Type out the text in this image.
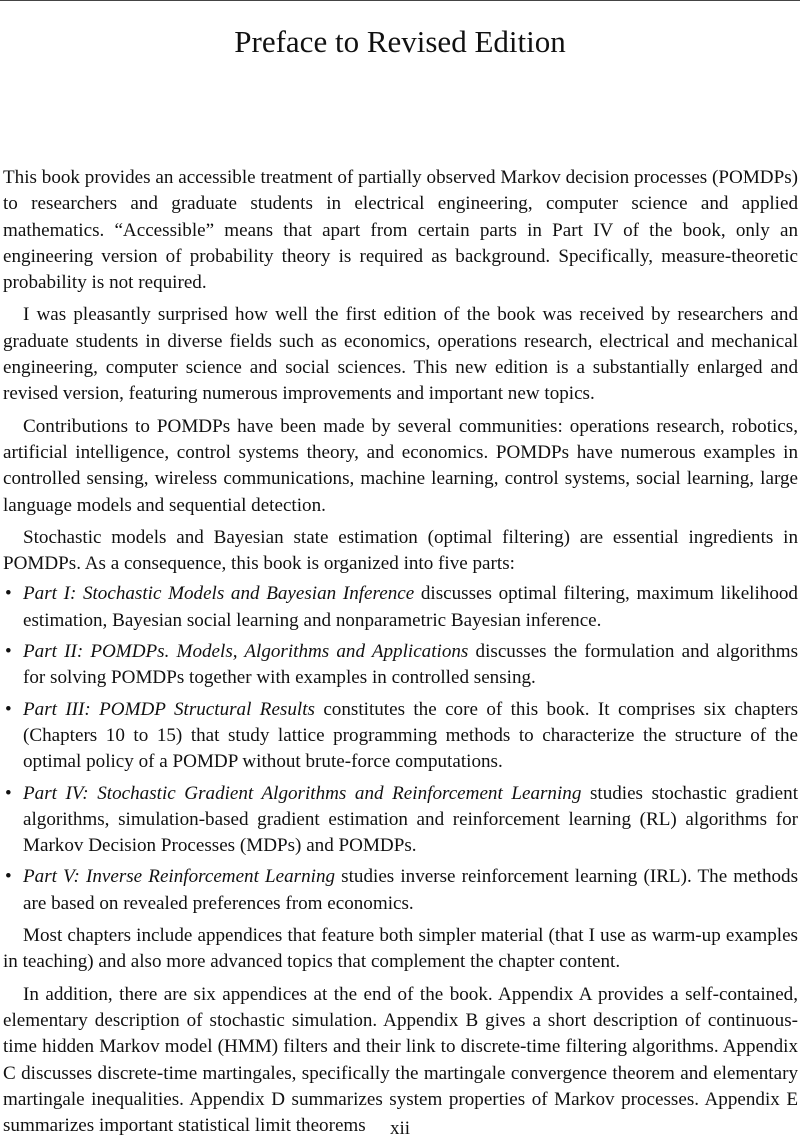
Preface to Revised Edition

This book provides an accessible treatment of partially observed Markov decision processes (POMDPs) to researchers and graduate students in electrical engineering, computer science and applied mathematics. “Accessible” means that apart from certain parts in Part IV of the book, only an engineering version of probability theory is required as background. Specifically, measure-theoretic probability is not required.

I was pleasantly surprised how well the first edition of the book was received by researchers and graduate students in diverse fields such as economics, operations research, electrical and mechanical engineering, computer science and social sciences. This new edition is a substantially enlarged and revised version, featuring numerous improvements and important new topics.

Contributions to POMDPs have been made by several communities: operations research, robotics, artificial intelligence, control systems theory, and economics. POMDPs have numerous examples in controlled sensing, wireless communications, machine learning, control systems, social learning, large language models and sequential detection.

Stochastic models and Bayesian state estimation (optimal filtering) are essential ingredients in POMDPs. As a consequence, this book is organized into five parts:

• Part I: Stochastic Models and Bayesian Inference discusses optimal filtering, maximum likelihood estimation, Bayesian social learning and nonparametric Bayesian inference.
• Part II: POMDPs. Models, Algorithms and Applications discusses the formulation and algorithms for solving POMDPs together with examples in controlled sensing.
• Part III: POMDP Structural Results constitutes the core of this book. It comprises six chapters (Chapters 10 to 15) that study lattice programming methods to characterize the structure of the optimal policy of a POMDP without brute-force computations.
• Part IV: Stochastic Gradient Algorithms and Reinforcement Learning studies stochastic gradient algorithms, simulation-based gradient estimation and reinforcement learning (RL) algorithms for Markov Decision Processes (MDPs) and POMDPs.
• Part V: Inverse Reinforcement Learning studies inverse reinforcement learning (IRL). The methods are based on revealed preferences from economics.

Most chapters include appendices that feature both simpler material (that I use as warm-up examples in teaching) and also more advanced topics that complement the chapter content.

In addition, there are six appendices at the end of the book. Appendix A provides a self-contained, elementary description of stochastic simulation. Appendix B gives a short description of continuous-time hidden Markov model (HMM) filters and their link to discrete-time filtering algorithms. Appendix C discusses discrete-time martingales, specifically the martingale convergence theorem and elementary martingale inequalities. Appendix D summarizes system properties of Markov processes. Appendix E summarizes important statistical limit theorems	xii
